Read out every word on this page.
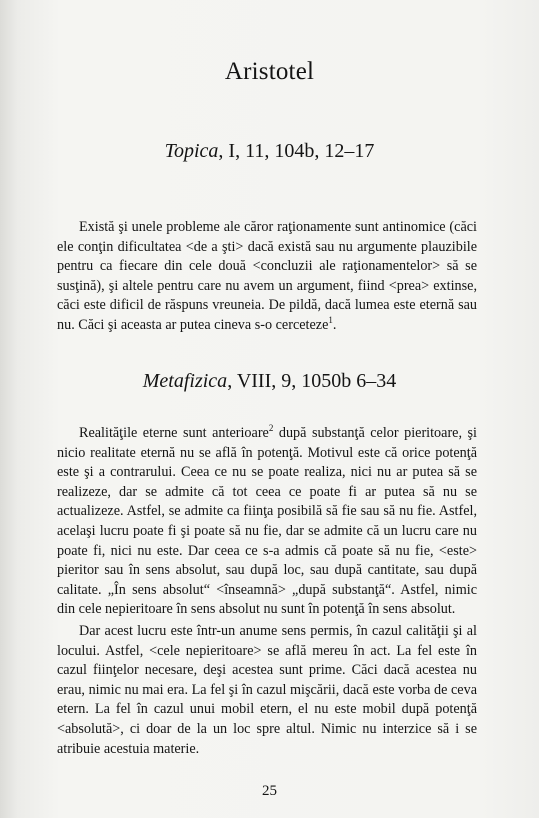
Aristotel
Topica, I, 11, 104b, 12–17

Există şi unele probleme ale căror raţionamente sunt antinomice (căci ele conţin dificultatea <de a şti> dacă există sau nu argumente plauzibile pentru ca fiecare din cele două <concluzii ale raţionamentelor> să se susţină), şi altele pentru care nu avem un argument, fiind <prea> extinse, căci este dificil de răspuns vreuneia. De pildă, dacă lumea este eternă sau nu. Căci şi aceasta ar putea cineva s-o cerceteze$^1$.

Metafizica, VIII, 9, 1050b 6–34

Realităţile eterne sunt anterioare$^2$ după substanţă celor pieritoare, şi nicio realitate eternă nu se află în potenţă. Motivul este că orice potenţă este şi a contrarului. Ceea ce nu se poate realiza, nici nu ar putea să se realizeze, dar se admite că tot ceea ce poate fi ar putea să nu se actualizeze. Astfel, se admite ca fiinţa posibilă să fie sau să nu fie. Astfel, acelaşi lucru poate fi şi poate să nu fie, dar se admite că un lucru care nu poate fi, nici nu este. Dar ceea ce s-a admis că poate să nu fie, <este> pieritor sau în sens absolut, sau după loc, sau după cantitate, sau după calitate. „În sens absolut“ <înseamnă> „după substanţă“. Astfel, nimic din cele nepieritoare în sens absolut nu sunt în potenţă în sens absolut.

Dar acest lucru este într-un anume sens permis, în cazul calităţii şi al locului. Astfel, <cele nepieritoare> se află mereu în act. La fel este în cazul fiinţelor necesare, deşi acestea sunt prime. Căci dacă acestea nu erau, nimic nu mai era. La fel şi în cazul mişcării, dacă este vorba de ceva etern. La fel în cazul unui mobil etern, el nu este mobil după potenţă <absolută>, ci doar de la un loc spre altul. Nimic nu interzice să i se atribuie acestuia materie.

25
